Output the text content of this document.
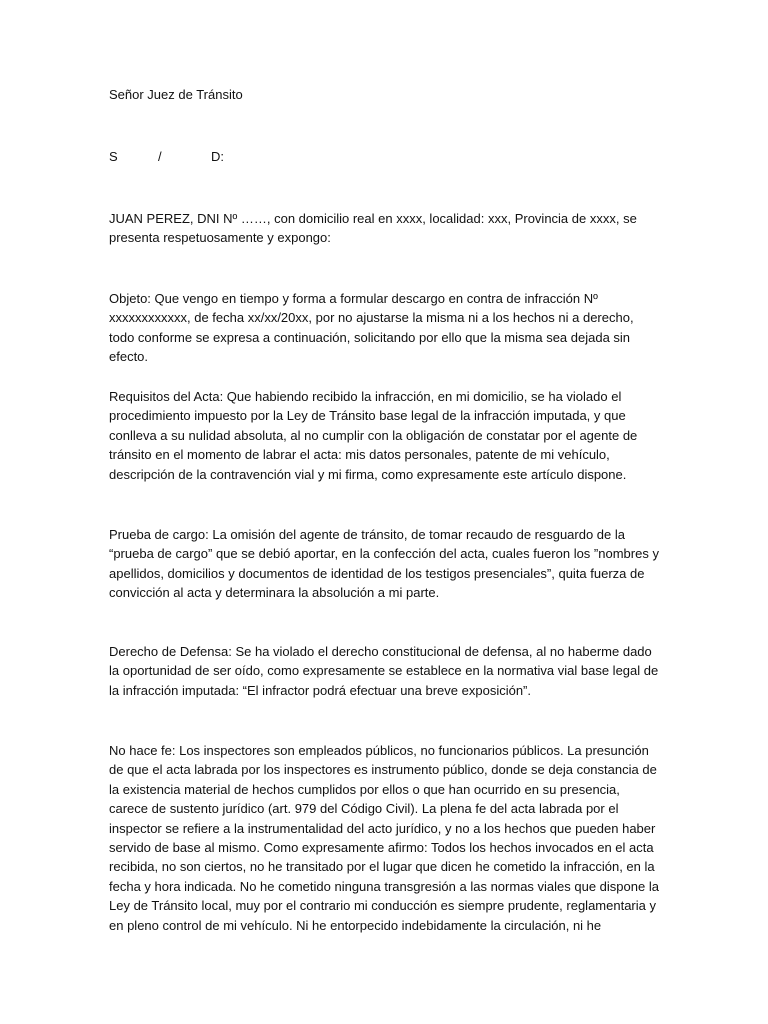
Señor Juez de Tránsito

S	/	D:

JUAN PEREZ, DNI Nº ……, con domicilio real en xxxx, localidad: xxx, Provincia de xxxx, se presenta respetuosamente y expongo:

Objeto: Que vengo en tiempo y forma a formular descargo en contra de infracción Nº xxxxxxxxxxxx, de fecha xx/xx/20xx, por no ajustarse la misma ni a los hechos ni a derecho, todo conforme se expresa a continuación, solicitando por ello que la misma sea dejada sin efecto.

Requisitos del Acta: Que habiendo recibido la infracción, en mi domicilio, se ha violado el procedimiento impuesto por la Ley de Tránsito base legal de la infracción imputada, y que conlleva a su nulidad absoluta, al no cumplir con la obligación de constatar por el agente de tránsito en el momento de labrar el acta: mis datos personales, patente de mi vehículo, descripción de la contravención vial y mi firma, como expresamente este artículo dispone.

Prueba de cargo: La omisión del agente de tránsito, de tomar recaudo de resguardo de la “prueba de cargo” que se debió aportar, en la confección del acta, cuales fueron los ”nombres y apellidos, domicilios y documentos de identidad de los testigos presenciales”, quita fuerza de convicción al acta y determinara la absolución a mi parte.

Derecho de Defensa: Se ha violado el derecho constitucional de defensa, al no haberme dado la oportunidad de ser oído, como expresamente se establece en la normativa vial base legal de la infracción imputada: “El infractor podrá efectuar una breve exposición”.

No hace fe: Los inspectores son empleados públicos, no funcionarios públicos. La presunción de que el acta labrada por los inspectores es instrumento público, donde se deja constancia de la existencia material de hechos cumplidos por ellos o que han ocurrido en su presencia, carece de sustento jurídico (art. 979 del Código Civil). La plena fe del acta labrada por el inspector se refiere a la instrumentalidad del acto jurídico, y no a los hechos que pueden haber servido de base al mismo. Como expresamente afirmo: Todos los hechos invocados en el acta recibida, no son ciertos, no he transitado por el lugar que dicen he cometido la infracción, en la fecha y hora indicada. No he cometido ninguna transgresión a las normas viales que dispone la Ley de Tránsito local, muy por el contrario mi conducción es siempre prudente, reglamentaria y en pleno control de mi vehículo. Ni he entorpecido indebidamente la circulación, ni he
